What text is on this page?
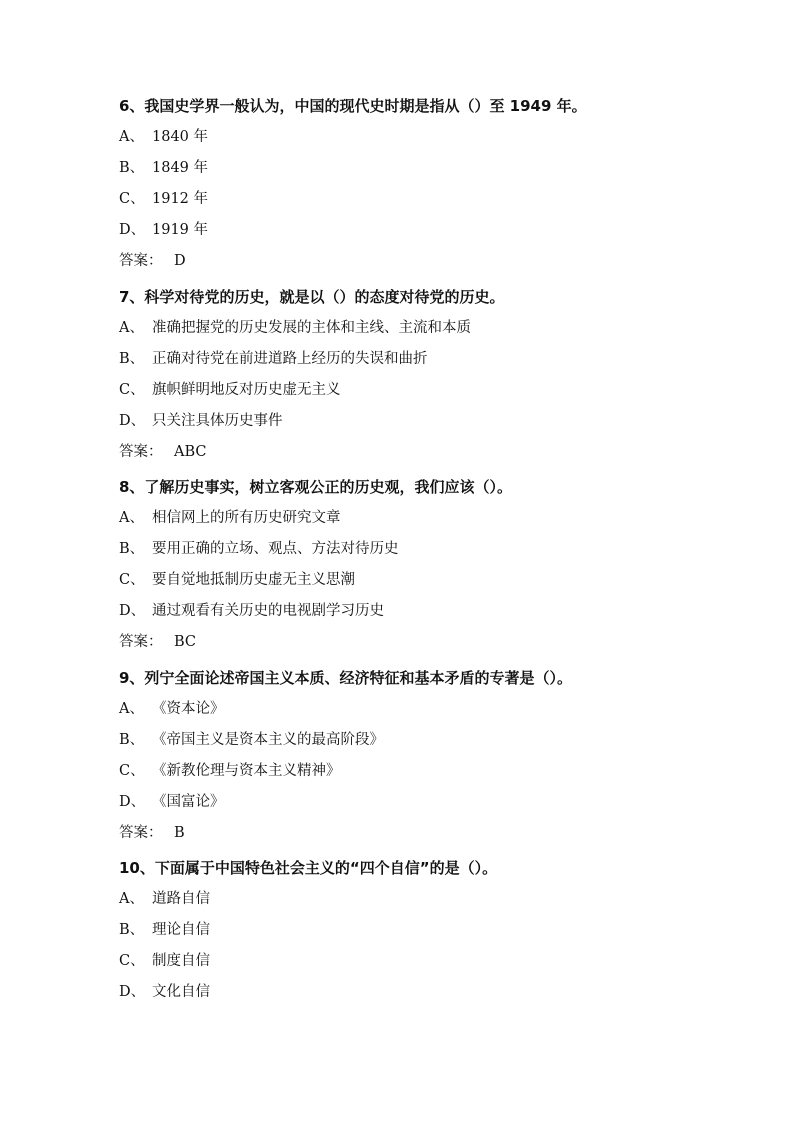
6、我国史学界一般认为，中国的现代史时期是指从（）至 1949 年。
A、 1840 年
B、 1849 年
C、 1912 年
D、 1919 年
答案： D
7、科学对待党的历史，就是以（）的态度对待党的历史。
A、 准确把握党的历史发展的主体和主线、主流和本质
B、 正确对待党在前进道路上经历的失误和曲折
C、 旗帜鲜明地反对历史虚无主义
D、 只关注具体历史事件
答案： ABC
8、了解历史事实，树立客观公正的历史观，我们应该（）。
A、 相信网上的所有历史研究文章
B、 要用正确的立场、观点、方法对待历史
C、 要自觉地抵制历史虚无主义思潮
D、 通过观看有关历史的电视剧学习历史
答案： BC
9、列宁全面论述帝国主义本质、经济特征和基本矛盾的专著是（）。
A、 《资本论》
B、 《帝国主义是资本主义的最高阶段》
C、 《新教伦理与资本主义精神》
D、 《国富论》
答案： B
10、下面属于中国特色社会主义的“四个自信”的是（）。
A、 道路自信
B、 理论自信
C、 制度自信
D、 文化自信
